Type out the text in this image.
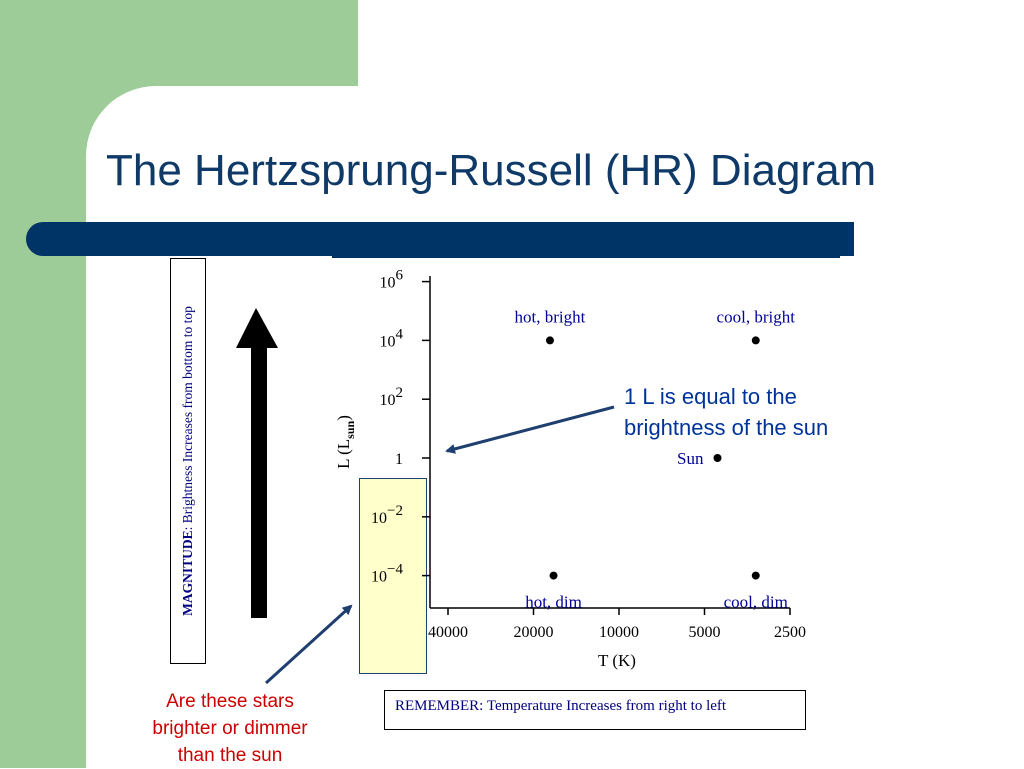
The Hertzsprung-Russell (HR) Diagram
MAGNITUDE: Brightness Increases from bottom to top
106
104
102
1
10−2
10−4
40000	20000	10000	5000	2500
hot, bright	cool, bright
Sun
hot, dim	cool, dim
T (K)
L $(L_{sun})$
1 L is equal to the
brightness of the sun
Are these stars
brighter or dimmer
than the sun
REMEMBER: Temperature Increases from right to left
